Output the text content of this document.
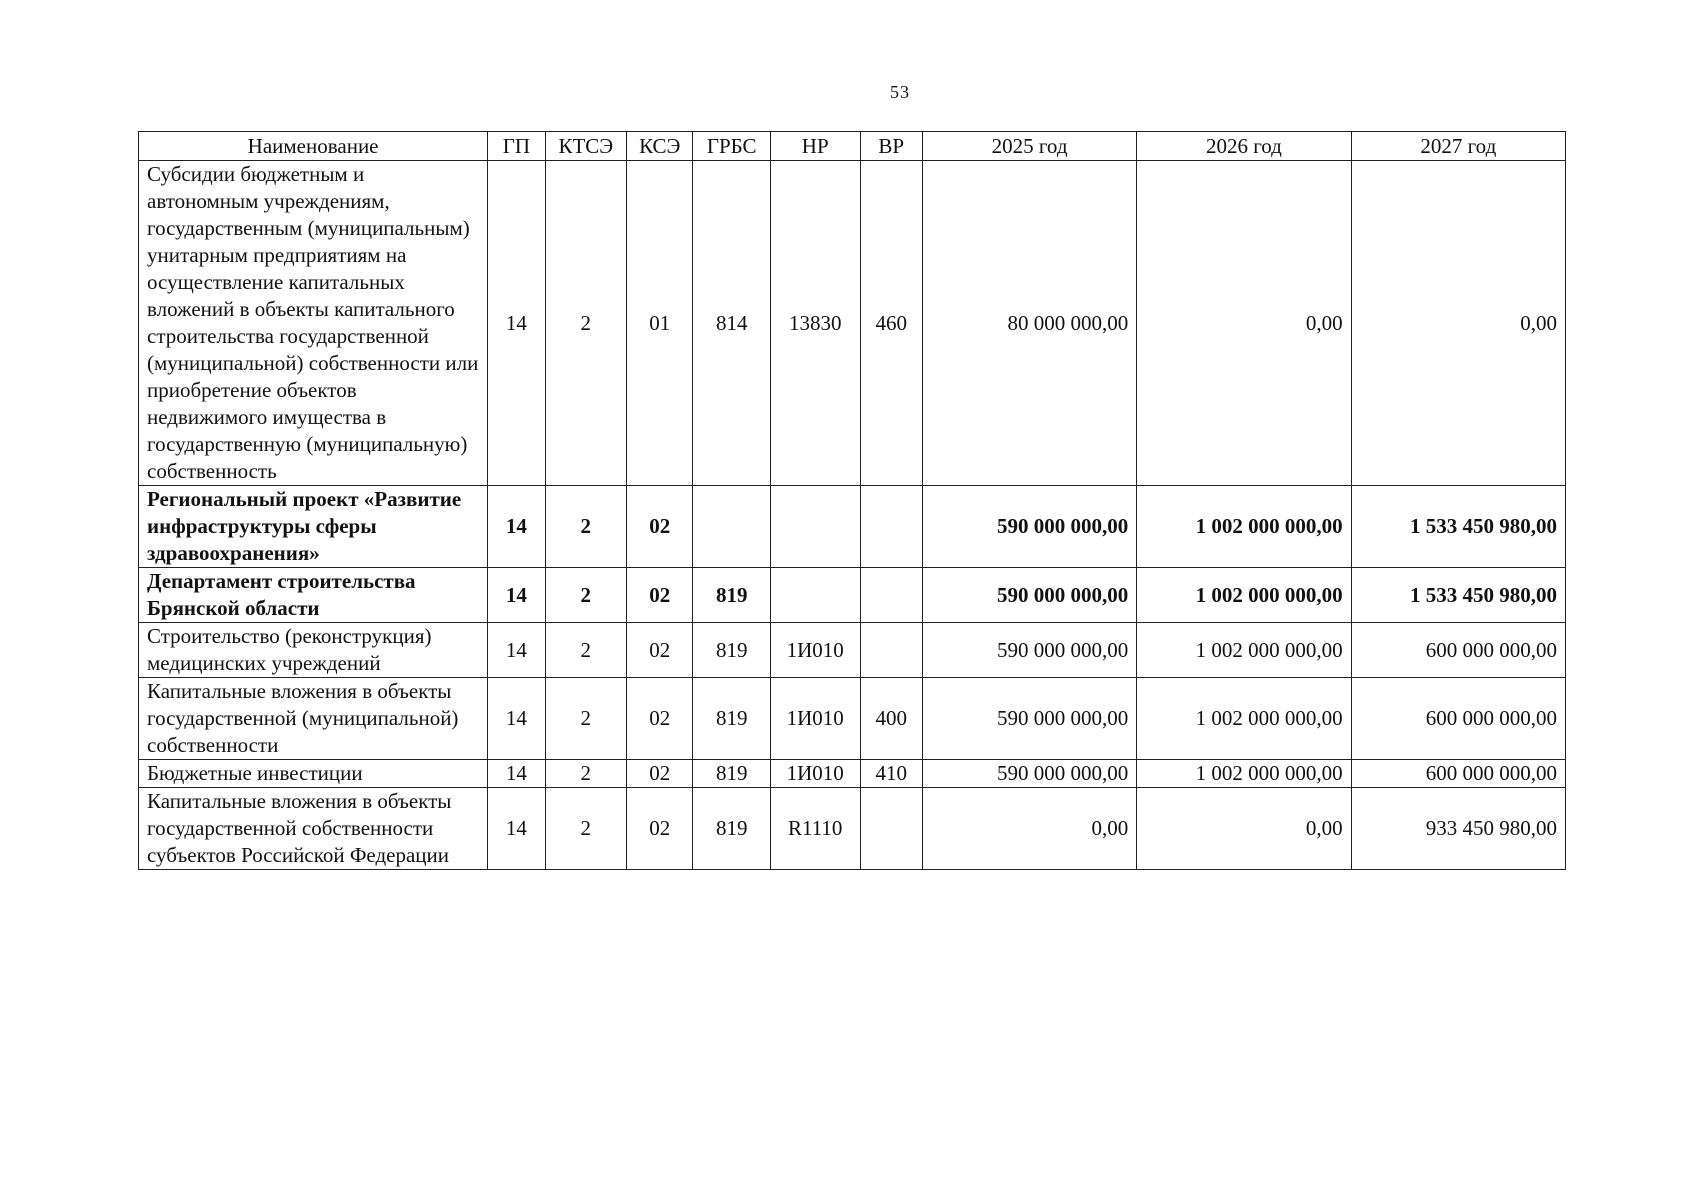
53
Наименование	ГП	КТСЭ	КСЭ	ГРБС	НР	ВР	2025 год	2026 год	2027 год
Субсидии бюджетным и автономным учреждениям, государственным (муниципальным) унитарным предприятиям на осуществление капитальных вложений в объекты капитального строительства государственной (муниципальной) собственности или приобретение объектов недвижимого имущества в государственную (муниципальную) собственность	14	2	01	814	13830	460	80 000 000,00	0,00	0,00
Региональный проект «Развитие инфраструктуры сферы здравоохранения»	14	2	02				590 000 000,00	1 002 000 000,00	1 533 450 980,00
Департамент строительства Брянской области	14	2	02	819			590 000 000,00	1 002 000 000,00	1 533 450 980,00
Строительство (реконструкция) медицинских учреждений	14	2	02	819	1И010		590 000 000,00	1 002 000 000,00	600 000 000,00
Капитальные вложения в объекты государственной (муниципальной) собственности	14	2	02	819	1И010	400	590 000 000,00	1 002 000 000,00	600 000 000,00
Бюджетные инвестиции	14	2	02	819	1И010	410	590 000 000,00	1 002 000 000,00	600 000 000,00
Капитальные вложения в объекты государственной собственности субъектов Российской Федерации	14	2	02	819	R1110		0,00	0,00	933 450 980,00
